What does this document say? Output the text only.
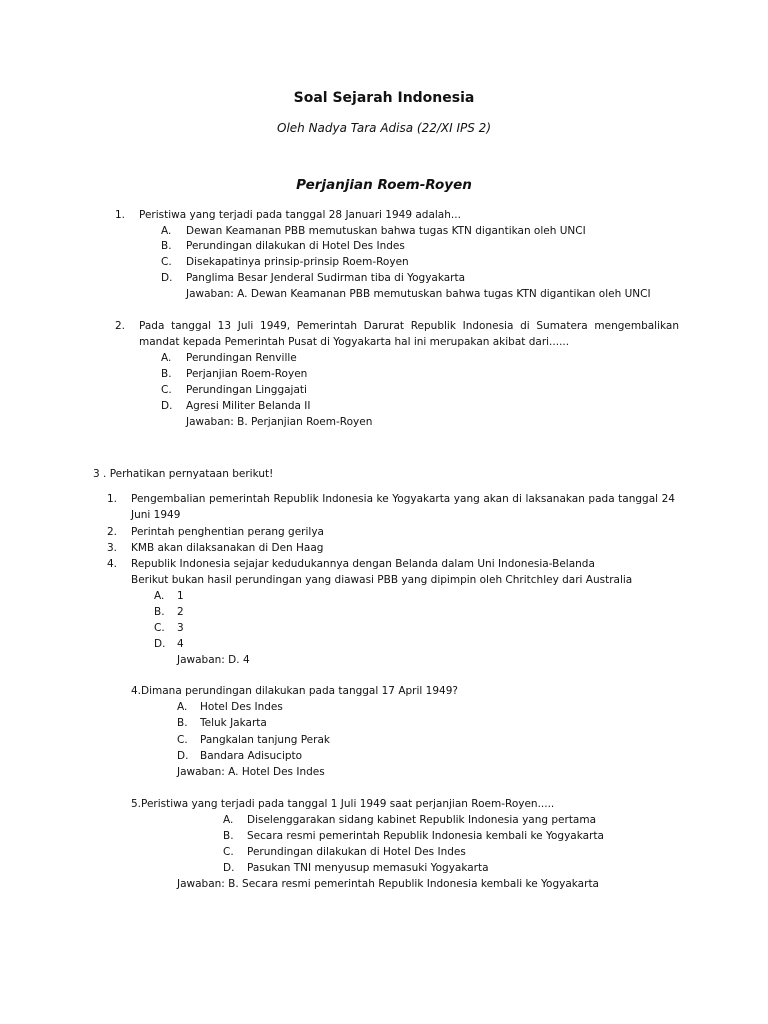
Soal Sejarah Indonesia
Oleh Nadya Tara Adisa (22/XI IPS 2)
Perjanjian Roem-Royen
1. Peristiwa yang terjadi pada tanggal 28 Januari 1949 adalah...
A. Dewan Keamanan PBB memutuskan bahwa tugas KTN digantikan oleh UNCI
B. Perundingan dilakukan di Hotel Des Indes
C. Disekapatinya prinsip-prinsip Roem-Royen
D. Panglima Besar Jenderal Sudirman tiba di Yogyakarta
Jawaban: A. Dewan Keamanan PBB memutuskan bahwa tugas KTN digantikan oleh UNCI
2. Pada tanggal 13 Juli 1949, Pemerintah Darurat Republik Indonesia di Sumatera mengembalikan mandat kepada Pemerintah Pusat di Yogyakarta hal ini merupakan akibat dari......
A. Perundingan Renville
B. Perjanjian Roem-Royen
C. Perundingan Linggajati
D. Agresi Militer Belanda II
Jawaban: B. Perjanjian Roem-Royen
3 . Perhatikan pernyataan berikut!
1. Pengembalian pemerintah Republik Indonesia ke Yogyakarta yang akan di laksanakan pada tanggal 24 Juni 1949
2. Perintah penghentian perang gerilya
3. KMB akan dilaksanakan di Den Haag
4. Republik Indonesia sejajar kedudukannya dengan Belanda dalam Uni Indonesia-Belanda
Berikut bukan hasil perundingan yang diawasi PBB yang dipimpin oleh Chritchley dari Australia
A. 1
B. 2
C. 3
D. 4
Jawaban: D. 4
4.Dimana perundingan dilakukan pada tanggal 17 April 1949?
A. Hotel Des Indes
B. Teluk Jakarta
C. Pangkalan tanjung Perak
D. Bandara Adisucipto
Jawaban: A. Hotel Des Indes
5.Peristiwa yang terjadi pada tanggal 1 Juli 1949 saat perjanjian Roem-Royen.....
A. Diselenggarakan sidang kabinet Republik Indonesia yang pertama
B. Secara resmi pemerintah Republik Indonesia kembali ke Yogyakarta
C. Perundingan dilakukan di Hotel Des Indes
D. Pasukan TNI menyusup memasuki Yogyakarta
Jawaban: B. Secara resmi pemerintah Republik Indonesia kembali ke Yogyakarta
